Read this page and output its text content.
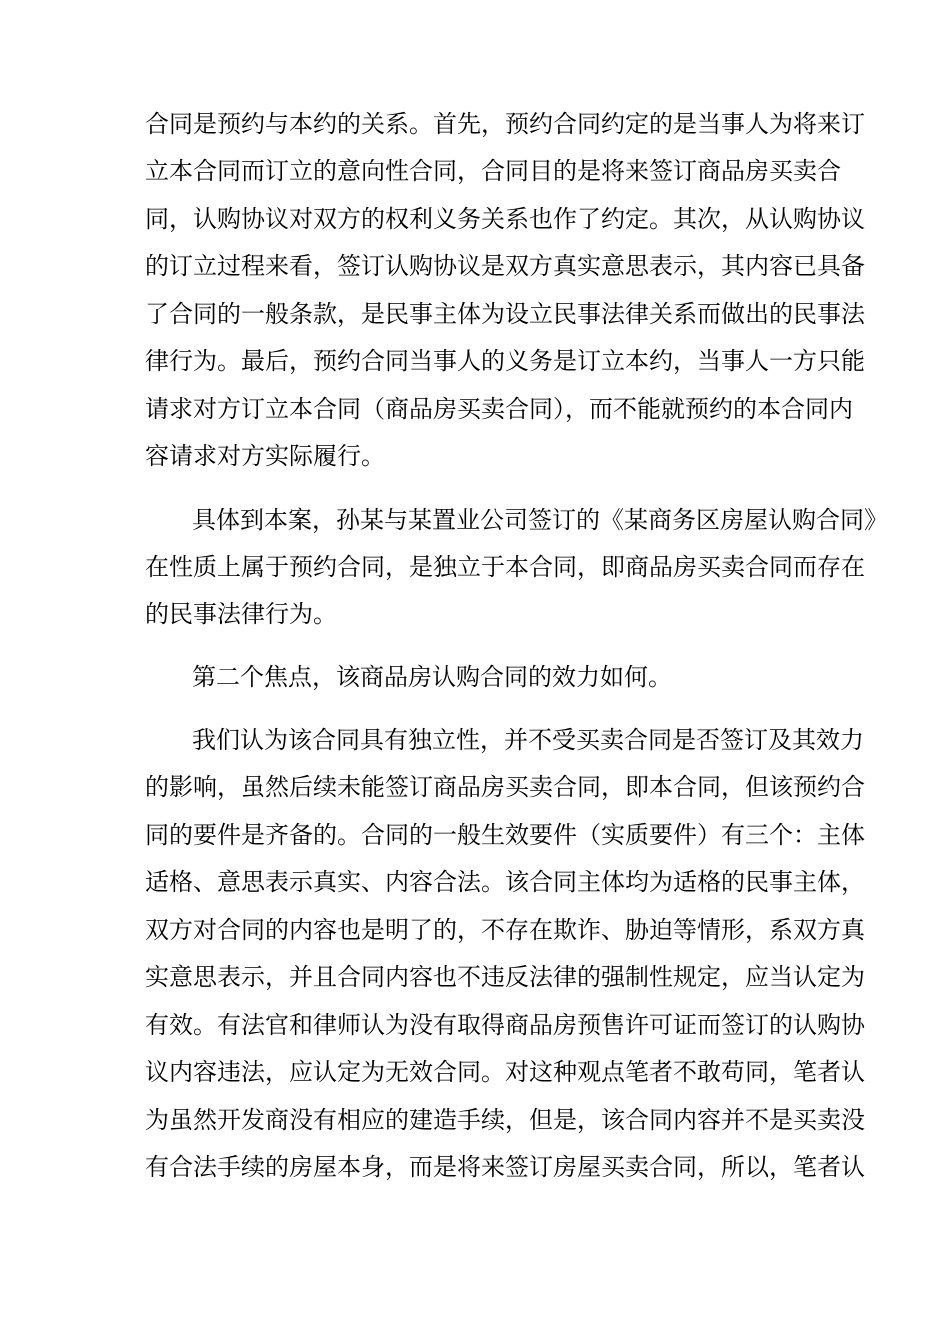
合同是预约与本约的关系。首先，预约合同约定的是当事人为将来订
立本合同而订立的意向性合同，合同目的是将来签订商品房买卖合
同，认购协议对双方的权利义务关系也作了约定。其次，从认购协议
的订立过程来看，签订认购协议是双方真实意思表示，其内容已具备
了合同的一般条款，是民事主体为设立民事法律关系而做出的民事法
律行为。最后，预约合同当事人的义务是订立本约，当事人一方只能
请求对方订立本合同（商品房买卖合同），而不能就预约的本合同内
容请求对方实际履行。
具体到本案，孙某与某置业公司签订的《某商务区房屋认购合同》
在性质上属于预约合同，是独立于本合同，即商品房买卖合同而存在
的民事法律行为。
第二个焦点，该商品房认购合同的效力如何。
我们认为该合同具有独立性，并不受买卖合同是否签订及其效力
的影响，虽然后续未能签订商品房买卖合同，即本合同，但该预约合
同的要件是齐备的。合同的一般生效要件（实质要件）有三个：主体
适格、意思表示真实、内容合法。该合同主体均为适格的民事主体，
双方对合同的内容也是明了的，不存在欺诈、胁迫等情形，系双方真
实意思表示，并且合同内容也不违反法律的强制性规定，应当认定为
有效。有法官和律师认为没有取得商品房预售许可证而签订的认购协
议内容违法，应认定为无效合同。对这种观点笔者不敢苟同，笔者认
为虽然开发商没有相应的建造手续，但是，该合同内容并不是买卖没
有合法手续的房屋本身，而是将来签订房屋买卖合同，所以，笔者认
